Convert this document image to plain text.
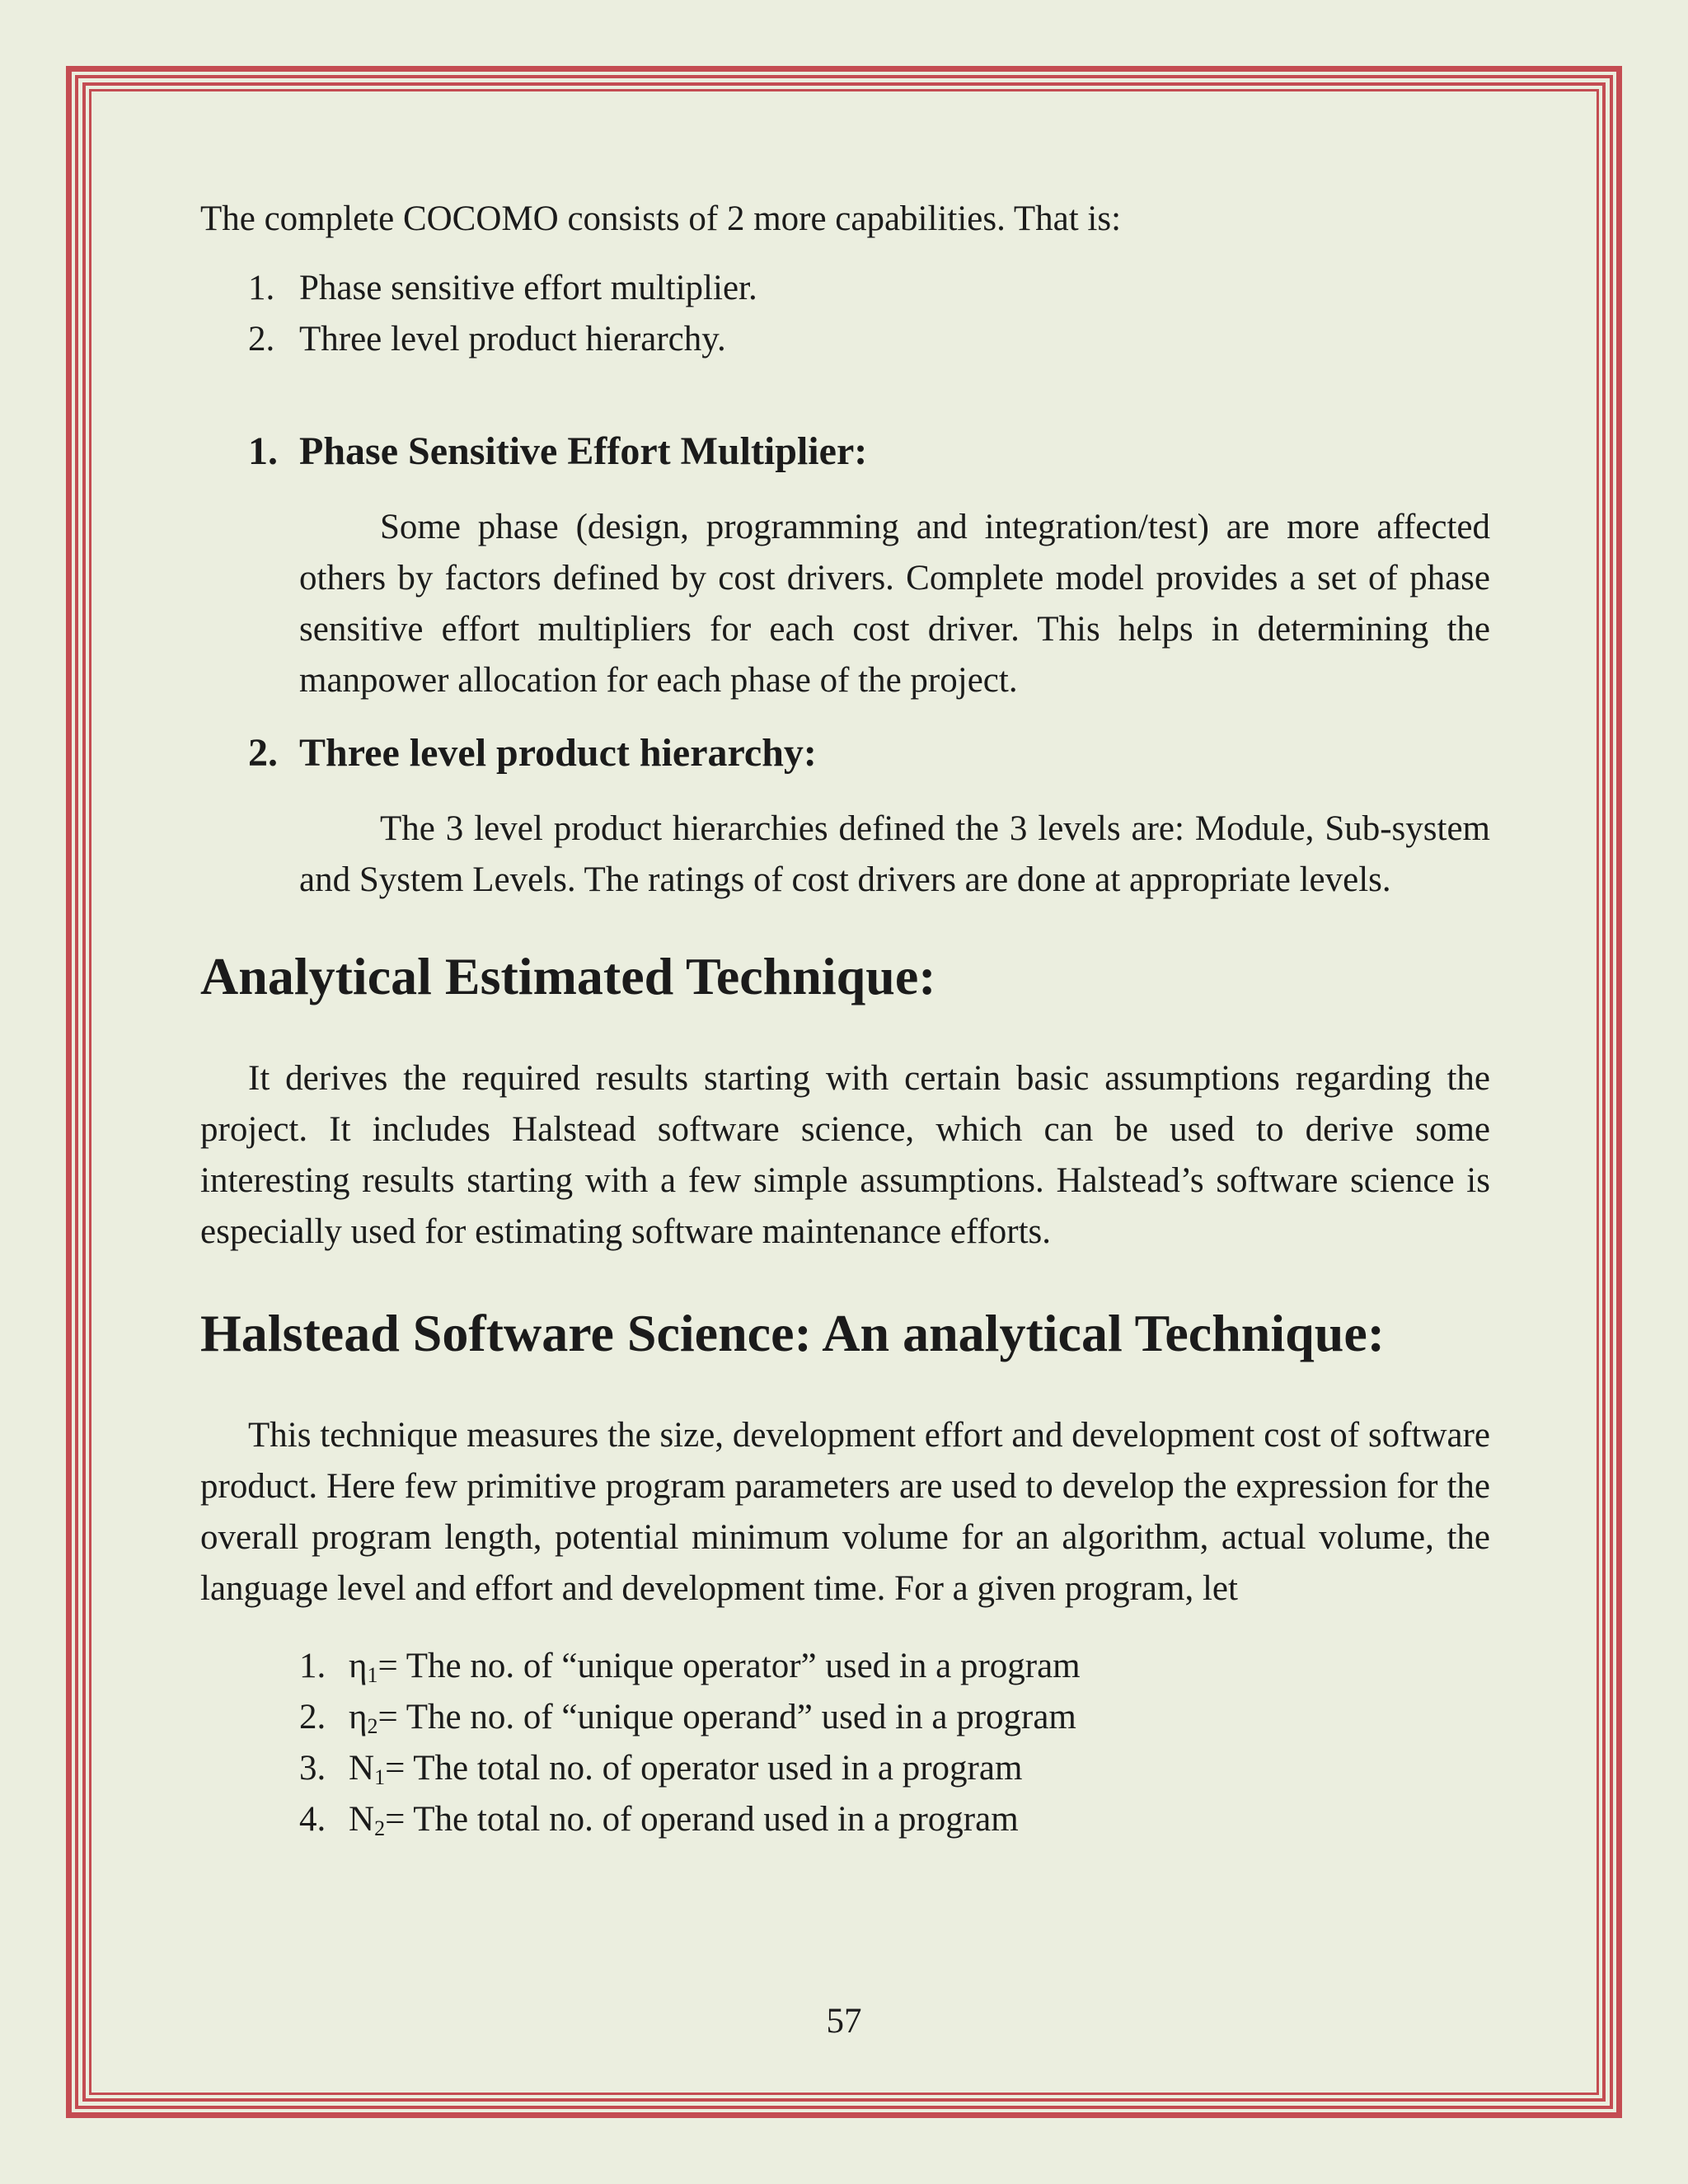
The complete COCOMO consists of 2 more capabilities. That is:

1. Phase sensitive effort multiplier.
2. Three level product hierarchy.
1. Phase Sensitive Effort Multiplier:

Some phase (design, programming and integration/test) are more affected others by factors defined by cost drivers. Complete model provides a set of phase sensitive effort multipliers for each cost driver. This helps in determining the manpower allocation for each phase of the project.

2. Three level product hierarchy:

The 3 level product hierarchies defined the 3 levels are: Module, Sub-system and System Levels. The ratings of cost drivers are done at appropriate levels.

Analytical Estimated Technique:

It derives the required results starting with certain basic assumptions regarding the project. It includes Halstead software science, which can be used to derive some interesting results starting with a few simple assumptions. Halstead’s software science is especially used for estimating software maintenance efforts.

Halstead Software Science: An analytical Technique:

This technique measures the size, development effort and development cost of software product. Here few primitive program parameters are used to develop the expression for the overall program length, potential minimum volume for an algorithm, actual volume, the language level and effort and development time. For a given program, let

1. $\eta_1$ = The no. of “unique operator” used in a program
2. $\eta_2$ = The no. of “unique operand” used in a program
3. $N_1$ = The total no. of operator used in a program
4. $N_2$ = The total no. of operand used in a program
57
